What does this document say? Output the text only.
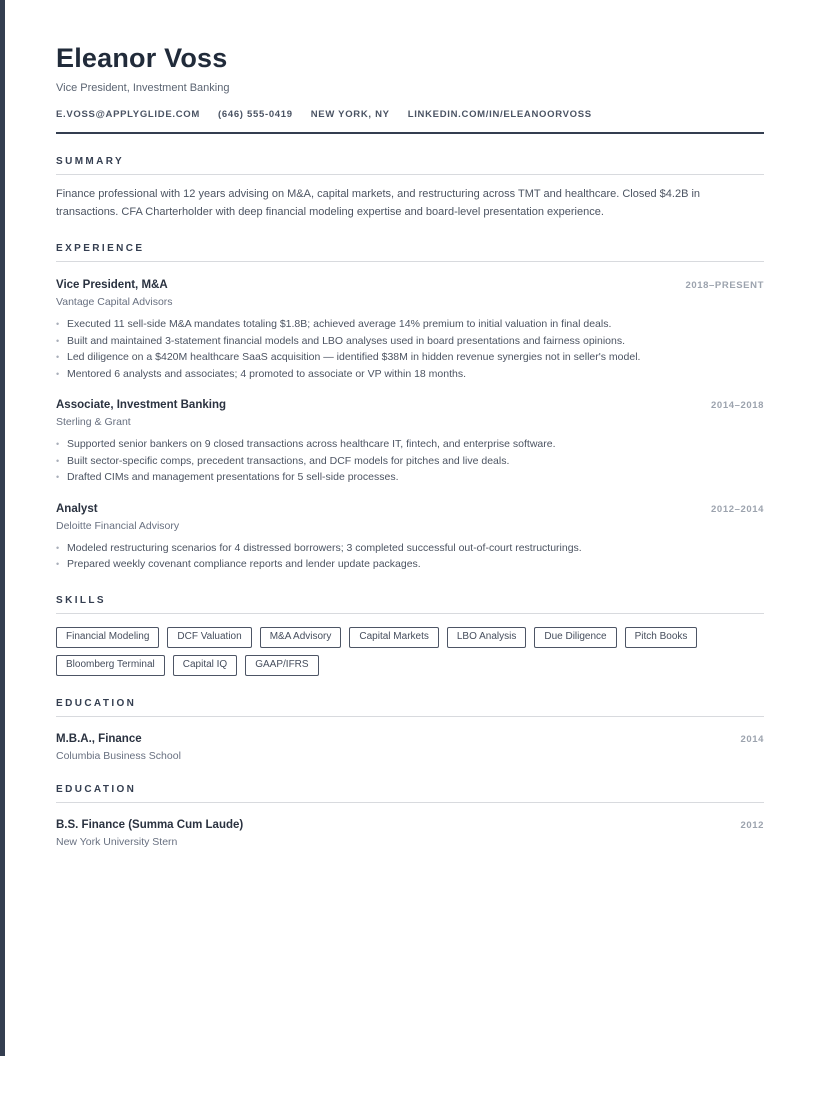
Eleanor Voss
Vice President, Investment Banking
E.VOSS@APPLYGLIDE.COM (646) 555-0419 NEW YORK, NY LINKEDIN.COM/IN/ELEANOORVOSS
SUMMARY

Finance professional with 12 years advising on M&A, capital markets, and restructuring across TMT and healthcare. Closed $4.2B in transactions. CFA Charterholder with deep financial modeling expertise and board-level presentation experience.

EXPERIENCE
Vice President, M&A	2018–PRESENT
Vantage Capital Advisors
• Executed 11 sell-side M&A mandates totaling $1.8B; achieved average 14% premium to initial valuation in final deals.
• Built and maintained 3-statement financial models and LBO analyses used in board presentations and fairness opinions.
• Led diligence on a $420M healthcare SaaS acquisition — identified $38M in hidden revenue synergies not in seller's model.
• Mentored 6 analysts and associates; 4 promoted to associate or VP within 18 months.
Associate, Investment Banking	2014–2018
Sterling & Grant
• Supported senior bankers on 9 closed transactions across healthcare IT, fintech, and enterprise software.
• Built sector-specific comps, precedent transactions, and DCF models for pitches and live deals.
• Drafted CIMs and management presentations for 5 sell-side processes.
Analyst	2012–2014
Deloitte Financial Advisory
• Modeled restructuring scenarios for 4 distressed borrowers; 3 completed successful out-of-court restructurings.
• Prepared weekly covenant compliance reports and lender update packages.
SKILLS
Financial Modeling	DCF Valuation	M&A Advisory	Capital Markets	LBO Analysis	Due Diligence	Pitch Books
Bloomberg Terminal	Capital IQ	GAAP/IFRS
EDUCATION
M.B.A., Finance	2014
Columbia Business School
EDUCATION
B.S. Finance (Summa Cum Laude)	2012
New York University Stern
